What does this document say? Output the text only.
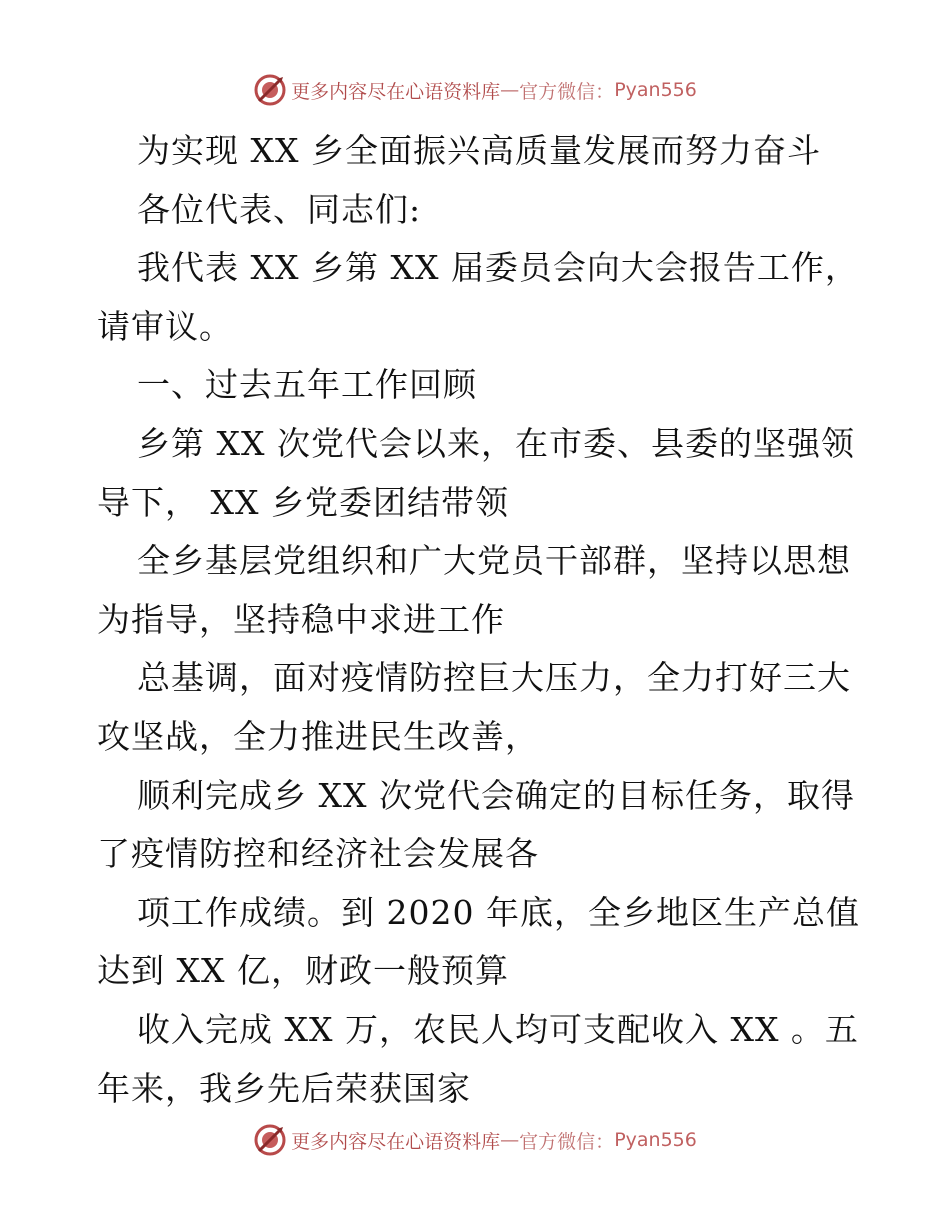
更多内容尽在心语资料库 — 官方微信： Pyan556
为实现 XX 乡全面振兴高质量发展而努力奋斗
各位代表、同志们:
我代表 XX 乡第 XX 届委员会向大会报告工作，
请审议。
一、过去五年工作回顾
乡第 XX 次党代会以来，在市委、县委的坚强领
导下， XX 乡党委团结带领
全乡基层党组织和广大党员干部群，坚持以思想
为指导，坚持稳中求进工作
总基调，面对疫情防控巨大压力，全力打好三大
攻坚战，全力推进民生改善，
顺利完成乡 XX 次党代会确定的目标任务，取得
了疫情防控和经济社会发展各
项工作成绩。到 2020 年底，全乡地区生产总值
达到 XX 亿，财政一般预算
收入完成 XX 万，农民人均可支配收入 XX 。五
年来，我乡先后荣获国家
更多内容尽在心语资料库 — 官方微信： Pyan556
